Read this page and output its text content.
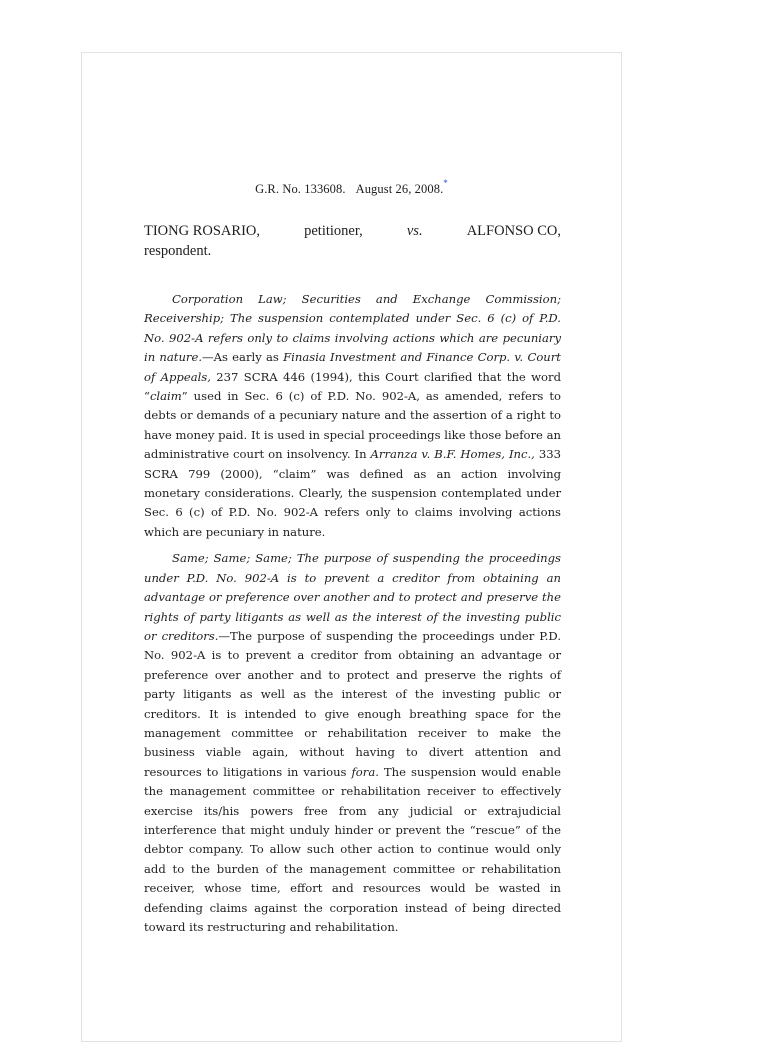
G.R. No. 133608. August 26, 2008.*
TIONG ROSARIO,	petitioner,	vs.	ALFONSO CO,
respondent.

Corporation Law; Securities and Exchange Commission; Receivership; The suspension contemplated under Sec. 6 (c) of P.D. No. 902-A refers only to claims involving actions which are pecuniary in nature.—As early as Finasia Investment and Finance Corp. v. Court of Appeals, 237 SCRA 446 (1994), this Court clarified that the word “claim” used in Sec. 6 (c) of P.D. No. 902-A, as amended, refers to debts or demands of a pecuniary nature and the assertion of a right to have money paid. It is used in special proceedings like those before an administrative court on insolvency. In Arranza v. B.F. Homes, Inc., 333 SCRA 799 (2000), “claim” was defined as an action involving monetary considerations. Clearly, the suspension contemplated under Sec. 6 (c) of P.D. No. 902-A refers only to claims involving actions which are pecuniary in nature.

Same; Same; Same; The purpose of suspending the proceedings under P.D. No. 902-A is to prevent a creditor from obtaining an advantage or preference over another and to protect and preserve the rights of party litigants as well as the interest of the investing public or creditors.—The purpose of suspending the proceedings under P.D. No. 902-A is to prevent a creditor from obtaining an advantage or preference over another and to protect and preserve the rights of party litigants as well as the interest of the investing public or creditors. It is intended to give enough breathing space for the management committee or rehabilitation receiver to make the business viable again, without having to divert attention and resources to litigations in various fora. The suspension would enable the management committee or rehabilitation receiver to effectively exercise its/his powers free from any judicial or extrajudicial interference that might unduly hinder or prevent the “rescue” of the debtor company. To allow such other action to continue would only add to the burden of the management committee or rehabilitation receiver, whose time, effort and resources would be wasted in defending claims against the corporation instead of being directed toward its restructuring and rehabilitation.
